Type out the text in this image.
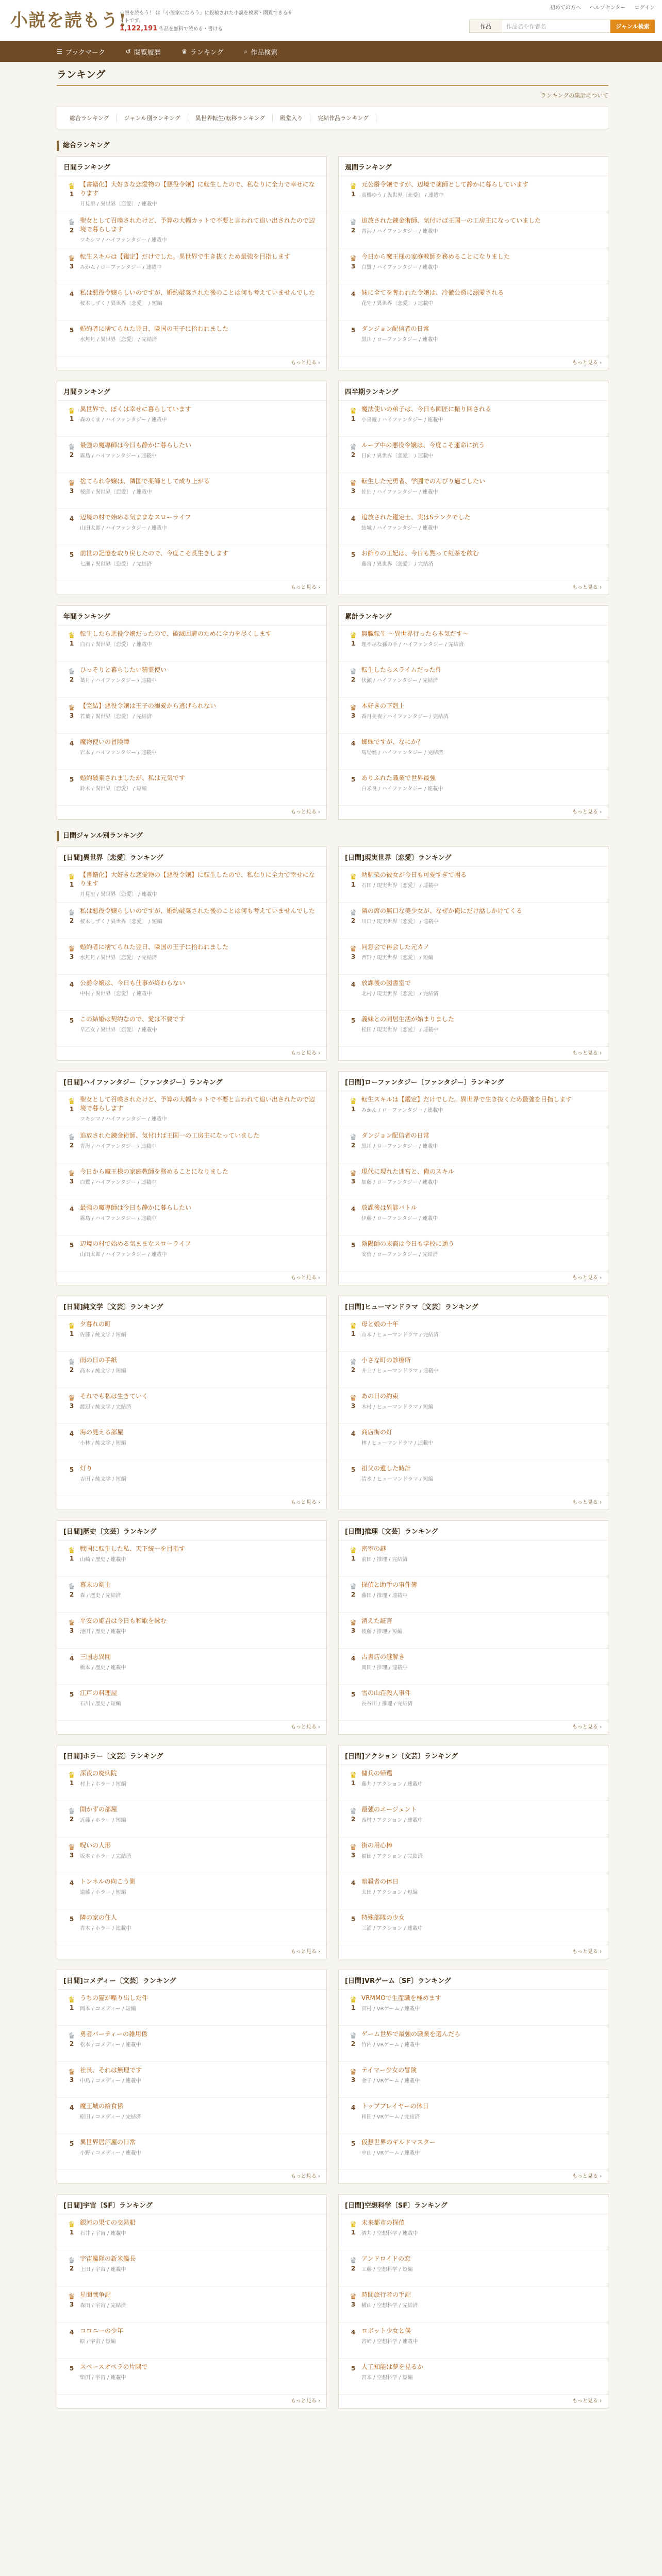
小説を読もう!
小説を読もう！ は「小説家になろう」に投稿された小説を検索・閲覧できるサイトです。
1,122,191 作品を無料で読める・書ける
初めての方へ ヘルプセンター ログイン
作品	作品名や作者名	ジャンル検索
☰ ブックマーク	↺ 閲覧履歴	♛ ランキング	⌕ 作品検索
ランキング
ランキングの集計について
総合ランキング	ジャンル別ランキング	異世界転生/転移ランキング	殿堂入り	完結作品ランキング
総合ランキング
日間ランキング
♛
1
【書籍化】大好きな恋愛物の【悪役令嬢】に転生したので、私なりに全力で幸せになります
月見里 / 異世界〔恋愛〕 / 連載中
♛
2
聖女として召喚されたけど、予算の大幅カットで不要と言われて追い出されたので辺境で暮らします
ツキシマ / ハイファンタジー / 連載中
♛
3
転生スキルは【鑑定】だけでした。異世界で生き抜くため最強を目指します
みかん / ローファンタジー / 連載中
4 私は悪役令嬢らしいのですが、婚約破棄された後のことは何も考えていませんでした
桜木しずく / 異世界〔恋愛〕 / 短編
5 婚約者に捨てられた翌日、隣国の王子に拾われました
水無月 / 異世界〔恋愛〕 / 完結済
もっと見る ›
週間ランキング
♛
1
元公爵令嬢ですが、辺境で薬師として静かに暮らしています
高橋ゆう / 異世界〔恋愛〕 / 連載中
♛
2
追放された錬金術師、気付けば王国一の工房主になっていました
青海 / ハイファンタジー / 連載中
♛
3
今日から魔王様の家庭教師を務めることになりました
白鷺 / ハイファンタジー / 連載中
4 妹に全てを奪われた令嬢は、冷徹公爵に溺愛される
花守 / 異世界〔恋愛〕 / 連載中
5 ダンジョン配信者の日常
黒川 / ローファンタジー / 連載中
もっと見る ›
月間ランキング
♛
1
異世界で、ぼくは幸せに暮らしています
森のくま / ハイファンタジー / 連載中
♛
2
最強の魔導師は今日も静かに暮らしたい
霧島 / ハイファンタジー / 連載中
♛
3
捨てられ令嬢は、隣国で薬師として成り上がる
桜庭 / 異世界〔恋愛〕 / 連載中
4 辺境の村で始める気ままなスローライフ
山田太郎 / ハイファンタジー / 連載中
5 前世の記憶を取り戻したので、今度こそ長生きします
七瀬 / 異世界〔恋愛〕 / 完結済
もっと見る ›
四半期ランキング
♛
1
魔法使いの弟子は、今日も師匠に振り回される
小鳥遊 / ハイファンタジー / 連載中
♛
2
ループ中の悪役令嬢は、今度こそ運命に抗う
日向 / 異世界〔恋愛〕 / 連載中
♛
3
転生した元勇者、学園でのんびり過ごしたい
佐伯 / ハイファンタジー / 連載中
4 追放された鑑定士、実はSランクでした
結城 / ハイファンタジー / 連載中
5 お飾りの王妃は、今日も黙って紅茶を飲む
藤宮 / 異世界〔恋愛〕 / 完結済
もっと見る ›
年間ランキング
♛
1
転生したら悪役令嬢だったので、破滅回避のために全力を尽くします
白石 / 異世界〔恋愛〕 / 連載中
♛
2
ひっそりと暮らしたい精霊使い
葉月 / ハイファンタジー / 連載中
♛
3
【完結】悪役令嬢は王子の溺愛から逃げられない
若葉 / 異世界〔恋愛〕 / 完結済
4 魔物使いの冒険譚
岩本 / ハイファンタジー / 連載中
5 婚約破棄されましたが、私は元気です
鈴木 / 異世界〔恋愛〕 / 短編
もっと見る ›
累計ランキング
♛
1
無職転生 ～異世界行ったら本気だす～
理不尽な孫の手 / ハイファンタジー / 完結済
♛
2
転生したらスライムだった件
伏瀬 / ハイファンタジー / 完結済
♛
3
本好きの下剋上
香月美夜 / ハイファンタジー / 完結済
4 蜘蛛ですが、なにか？
馬場翁 / ハイファンタジー / 完結済
5 ありふれた職業で世界最強
白米良 / ハイファンタジー / 連載中
もっと見る ›
日間ジャンル別ランキング
[日間]異世界〔恋愛〕ランキング
♛
1
【書籍化】大好きな恋愛物の【悪役令嬢】に転生したので、私なりに全力で幸せになります
月見里 / 異世界〔恋愛〕 / 連載中
♛
2
私は悪役令嬢らしいのですが、婚約破棄された後のことは何も考えていませんでした
桜木しずく / 異世界〔恋愛〕 / 短編
♛
3
婚約者に捨てられた翌日、隣国の王子に拾われました
水無月 / 異世界〔恋愛〕 / 完結済
4 公爵令嬢は、今日も仕事が終わらない
中村 / 異世界〔恋愛〕 / 連載中
5 この結婚は契約なので、愛は不要です
早乙女 / 異世界〔恋愛〕 / 連載中
もっと見る ›
[日間]現実世界〔恋愛〕ランキング
♛
1
幼馴染の彼女が今日も可愛すぎて困る
石田 / 現実世界〔恋愛〕 / 連載中
♛
2
隣の席の無口な美少女が、なぜか俺にだけ話しかけてくる
川口 / 現実世界〔恋愛〕 / 連載中
♛
3
同窓会で再会した元カノ
西野 / 現実世界〔恋愛〕 / 短編
4 放課後の図書室で
北村 / 現実世界〔恋愛〕 / 完結済
5 義妹との同居生活が始まりました
松田 / 現実世界〔恋愛〕 / 連載中
もっと見る ›
[日間]ハイファンタジー〔ファンタジー〕ランキング
♛
1
聖女として召喚されたけど、予算の大幅カットで不要と言われて追い出されたので辺境で暮らします
ツキシマ / ハイファンタジー / 連載中
♛
2
追放された錬金術師、気付けば王国一の工房主になっていました
青海 / ハイファンタジー / 連載中
♛
3
今日から魔王様の家庭教師を務めることになりました
白鷺 / ハイファンタジー / 連載中
4 最強の魔導師は今日も静かに暮らしたい
霧島 / ハイファンタジー / 連載中
5 辺境の村で始める気ままなスローライフ
山田太郎 / ハイファンタジー / 連載中
もっと見る ›
[日間]ローファンタジー〔ファンタジー〕ランキング
♛
1
転生スキルは【鑑定】だけでした。異世界で生き抜くため最強を目指します
みかん / ローファンタジー / 連載中
♛
2
ダンジョン配信者の日常
黒川 / ローファンタジー / 連載中
♛
3
現代に現れた迷宮と、俺のスキル
加藤 / ローファンタジー / 連載中
4 放課後は異能バトル
伊藤 / ローファンタジー / 連載中
5 陰陽師の末裔は今日も学校に通う
安倍 / ローファンタジー / 完結済
もっと見る ›
[日間]純文学〔文芸〕ランキング
♛
1
夕暮れの町
佐藤 / 純文学 / 短編
♛
2
雨の日の手紙
高木 / 純文学 / 短編
♛
3
それでも私は生きていく
渡辺 / 純文学 / 完結済
4 海の見える部屋
小林 / 純文学 / 短編
5 灯り
吉田 / 純文学 / 短編
もっと見る ›
[日間]ヒューマンドラマ〔文芸〕ランキング
♛
1
母と娘の十年
山本 / ヒューマンドラマ / 完結済
♛
2
小さな町の診療所
井上 / ヒューマンドラマ / 連載中
♛
3
あの日の約束
木村 / ヒューマンドラマ / 短編
4 商店街の灯
林 / ヒューマンドラマ / 連載中
5 祖父の遺した時計
清水 / ヒューマンドラマ / 短編
もっと見る ›
[日間]歴史〔文芸〕ランキング
♛
1
戦国に転生した私、天下統一を目指す
山崎 / 歴史 / 連載中
♛
2
幕末の剣士
森 / 歴史 / 完結済
♛
3
平安の姫君は今日も和歌を詠む
池田 / 歴史 / 連載中
4 三国志異聞
橋本 / 歴史 / 連載中
5 江戸の料理屋
石川 / 歴史 / 短編
もっと見る ›
[日間]推理〔文芸〕ランキング
♛
1
密室の謎
前田 / 推理 / 完結済
♛
2
探偵と助手の事件簿
藤田 / 推理 / 連載中
♛
3
消えた証言
後藤 / 推理 / 短編
4 古書店の謎解き
岡田 / 推理 / 連載中
5 雪の山荘殺人事件
長谷川 / 推理 / 完結済
もっと見る ›
[日間]ホラー〔文芸〕ランキング
♛
1
深夜の廃病院
村上 / ホラー / 短編
♛
2
開かずの部屋
近藤 / ホラー / 短編
♛
3
呪いの人形
坂本 / ホラー / 完結済
4 トンネルの向こう側
遠藤 / ホラー / 短編
5 隣の家の住人
青木 / ホラー / 連載中
もっと見る ›
[日間]アクション〔文芸〕ランキング
♛
1
傭兵の帰還
藤井 / アクション / 連載中
♛
2
最強のエージェント
西村 / アクション / 連載中
♛
3
街の用心棒
福田 / アクション / 完結済
4 暗殺者の休日
太田 / アクション / 短編
5 特殊部隊の少女
三浦 / アクション / 連載中
もっと見る ›
[日間]コメディー〔文芸〕ランキング
♛
1
うちの猫が喋り出した件
岡本 / コメディー / 短編
♛
2
勇者パーティーの雑用係
松本 / コメディー / 連載中
♛
3
社長、それは無理です
中島 / コメディー / 連載中
4 魔王城の給食係
原田 / コメディー / 完結済
5 異世界居酒屋の日常
小野 / コメディー / 連載中
もっと見る ›
[日間]VRゲーム〔SF〕ランキング
♛
1
VRMMOで生産職を極めます
田村 / VRゲーム / 連載中
♛
2
ゲーム世界で最強の職業を選んだら
竹内 / VRゲーム / 連載中
♛
3
テイマー少女の冒険
金子 / VRゲーム / 連載中
4 トッププレイヤーの休日
和田 / VRゲーム / 完結済
5 仮想世界のギルドマスター
中山 / VRゲーム / 連載中
もっと見る ›
[日間]宇宙〔SF〕ランキング
♛
1
銀河の果ての交易船
石井 / 宇宙 / 連載中
♛
2
宇宙艦隊の新米艦長
上田 / 宇宙 / 連載中
♛
3
星間戦争記
森田 / 宇宙 / 完結済
4 コロニーの少年
原 / 宇宙 / 短編
5 スペースオペラの片隅で
柴田 / 宇宙 / 連載中
もっと見る ›
[日間]空想科学〔SF〕ランキング
♛
1
未来都市の探偵
酒井 / 空想科学 / 連載中
♛
2
アンドロイドの恋
工藤 / 空想科学 / 短編
♛
3
時間旅行者の手記
横山 / 空想科学 / 完結済
4 ロボット少女と僕
宮崎 / 空想科学 / 連載中
5 人工知能は夢を見るか
宮本 / 空想科学 / 短編
もっと見る ›
